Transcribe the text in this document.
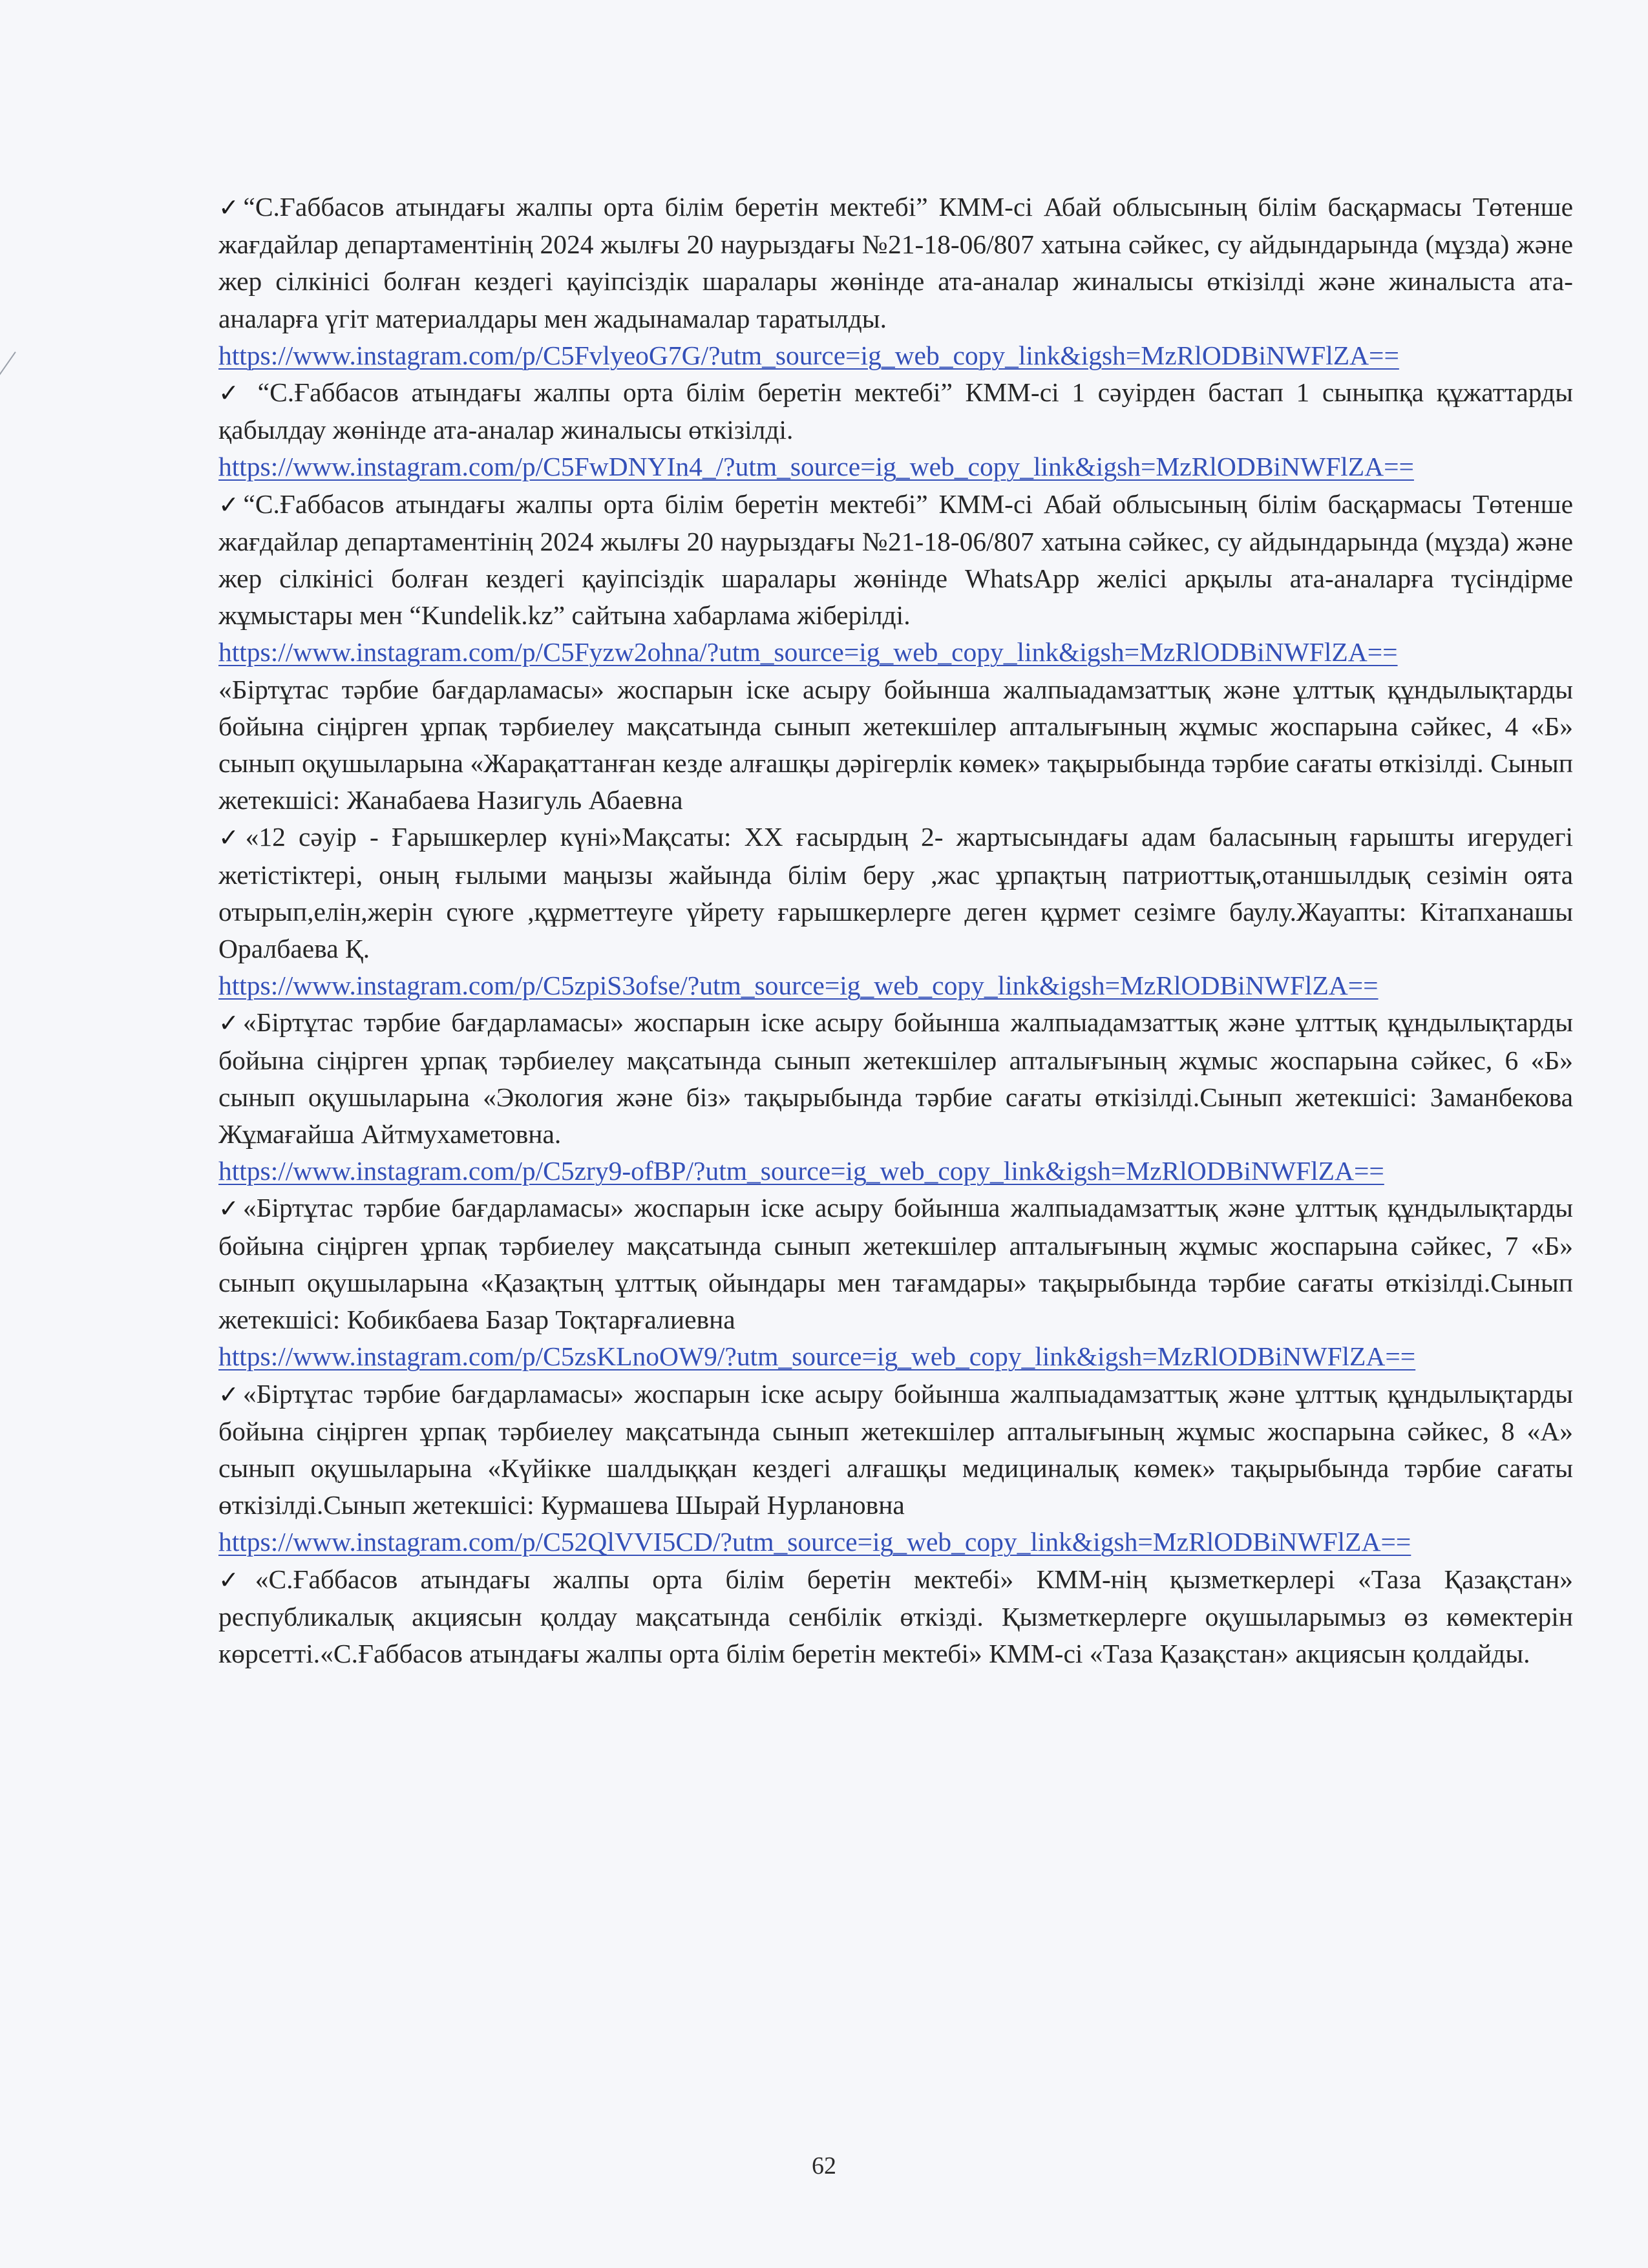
✓“С.Ғаббасов атындағы жалпы орта білім беретін мектебі” КММ-сі Абай облысының білім басқармасы Төтенше жағдайлар департаментінің 2024 жылғы 20 наурыздағы №21-18-06/807 хатына сәйкес, су айдындарында (мұзда) және жер сілкінісі болған кездегі қауіпсіздік шаралары жөнінде ата-аналар жиналысы өткізілді және жиналыста ата-аналарға үгіт материалдары мен жадынамалар таратылды.

https://www.instagram.com/p/C5FvlyeoG7G/?utm_source=ig_web_copy_link&igsh=MzRlODBiNWFlZA==

✓ “С.Ғаббасов атындағы жалпы орта білім беретін мектебі” КММ-сі 1 сәуірден бастап 1 сыныпқа құжаттарды қабылдау жөнінде ата-аналар жиналысы өткізілді.

https://www.instagram.com/p/C5FwDNYIn4_/?utm_source=ig_web_copy_link&igsh=MzRlODBiNWFlZA==

✓“С.Ғаббасов атындағы жалпы орта білім беретін мектебі” КММ-сі Абай облысының білім басқармасы Төтенше жағдайлар департаментінің 2024 жылғы 20 наурыздағы №21-18-06/807 хатына сәйкес, су айдындарында (мұзда) және жер сілкінісі болған кездегі қауіпсіздік шаралары жөнінде WhatsApp желісі арқылы ата-аналарға түсіндірме жұмыстары мен “Kundelik.kz” сайтына хабарлама жіберілді.

https://www.instagram.com/p/C5Fyzw2ohna/?utm_source=ig_web_copy_link&igsh=MzRlODBiNWFlZA==

«Біртұтас тәрбие бағдарламасы» жоспарын іске асыру бойынша жалпыадамзаттық және ұлттық құндылықтарды бойына сіңірген ұрпақ тәрбиелеу мақсатында сынып жетекшілер апталығының жұмыс жоспарына сәйкес, 4 «Б» сынып оқушыларына «Жарақаттанған кезде алғашқы дәрігерлік көмек» тақырыбында тәрбие сағаты өткізілді. Сынып жетекшісі: Жанабаева Назигуль Абаевна

✓«12 сәуір - Ғарышкерлер күні»Мақсаты: XX ғасырдың 2- жартысындағы адам баласының ғарышты игерудегі жетістіктері, оның ғылыми маңызы жайында білім беру ,жас ұрпақтың патриоттық,отаншылдық сезімін оята отырып,елін,жерін сүюге ,құрметтеуге үйрету ғарышкерлерге деген құрмет сезімге баулу.Жауапты: Кітапханашы Оралбаева Қ.

https://www.instagram.com/p/C5zpiS3ofse/?utm_source=ig_web_copy_link&igsh=MzRlODBiNWFlZA==

✓«Біртұтас тәрбие бағдарламасы» жоспарын іске асыру бойынша жалпыадамзаттық және ұлттық құндылықтарды бойына сіңірген ұрпақ тәрбиелеу мақсатында сынып жетекшілер апталығының жұмыс жоспарына сәйкес, 6 «Б» сынып оқушыларына «Экология және біз» тақырыбында тәрбие сағаты өткізілді.Сынып жетекшісі: Заманбекова Жұмағайша Айтмухаметовна.

https://www.instagram.com/p/C5zry9-ofBP/?utm_source=ig_web_copy_link&igsh=MzRlODBiNWFlZA==

✓«Біртұтас тәрбие бағдарламасы» жоспарын іске асыру бойынша жалпыадамзаттық және ұлттық құндылықтарды бойына сіңірген ұрпақ тәрбиелеу мақсатында сынып жетекшілер апталығының жұмыс жоспарына сәйкес, 7 «Б» сынып оқушыларына «Қазақтың ұлттық ойындары мен тағамдары» тақырыбында тәрбие сағаты өткізілді.Сынып жетекшісі: Кобикбаева Базар Тоқтарғалиевна

https://www.instagram.com/p/C5zsKLnoOW9/?utm_source=ig_web_copy_link&igsh=MzRlODBiNWFlZA==

✓«Біртұтас тәрбие бағдарламасы» жоспарын іске асыру бойынша жалпыадамзаттық және ұлттық құндылықтарды бойына сіңірген ұрпақ тәрбиелеу мақсатында сынып жетекшілер апталығының жұмыс жоспарына сәйкес, 8 «А» сынып оқушыларына «Күйікке шалдыққан кездегі алғашқы медициналық көмек» тақырыбында тәрбие сағаты өткізілді.Сынып жетекшісі: Курмашева Шырай Нурлановна

https://www.instagram.com/p/C52QlVVI5CD/?utm_source=ig_web_copy_link&igsh=MzRlODBiNWFlZA==

✓«С.Ғаббасов атындағы жалпы орта білім беретін мектебі» КММ-нің қызметкерлері «Таза Қазақстан» республикалық акциясын қолдау мақсатында сенбілік өткізді. Қызметкерлерге оқушыларымыз өз көмектерін көрсетті.«С.Ғаббасов атындағы жалпы орта білім беретін мектебі» КММ-сі «Таза Қазақстан» акциясын қолдайды.

62
